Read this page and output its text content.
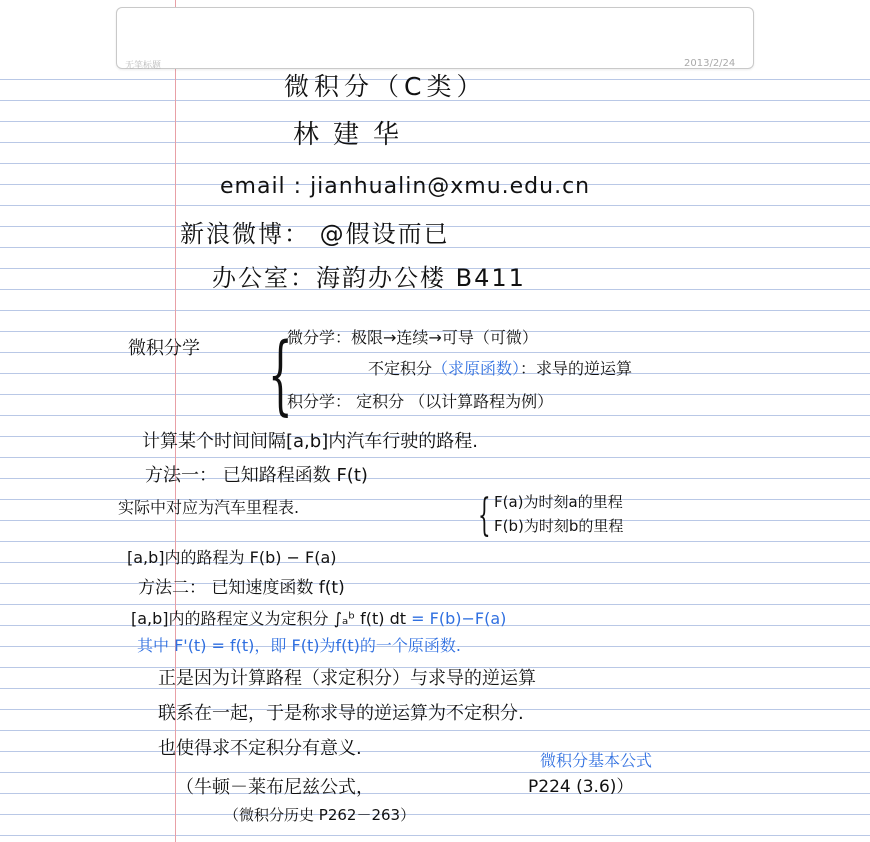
无笔标题	2013/2/24
微积分（C类）
林建华
email : jianhualin@xmu.edu.cn
新浪微博： @假设而已
办公室：海韵办公楼 B411
微积分学 {
微分学：极限→连续→可导（可微）
不定积分（求原函数）：求导的逆运算
积分学： 定积分 （以计算路程为例）
计算某个时间间隔[a,b]内汽车行驶的路程.
方法一： 已知路程函数 F(t)
实际中对应为汽车里程表.	{ F(a)为时刻a的里程
F(b)为时刻b的里程
[a,b]内的路程为 F(b) − F(a)
方法二： 已知速度函数 f(t)
[a,b]内的路程定义为定积分 ∫ₐᵇ f(t) dt = F(b)−F(a)
其中 F'(t) = f(t)，即 F(t)为f(t)的一个原函数.
正是因为计算路程（求定积分）与求导的逆运算
联系在一起，于是称求导的逆运算为不定积分.
也使得求不定积分有意义.
微积分基本公式
（牛顿－莱布尼兹公式，	P224 (3.6)）
（微积分历史 P262－263）
